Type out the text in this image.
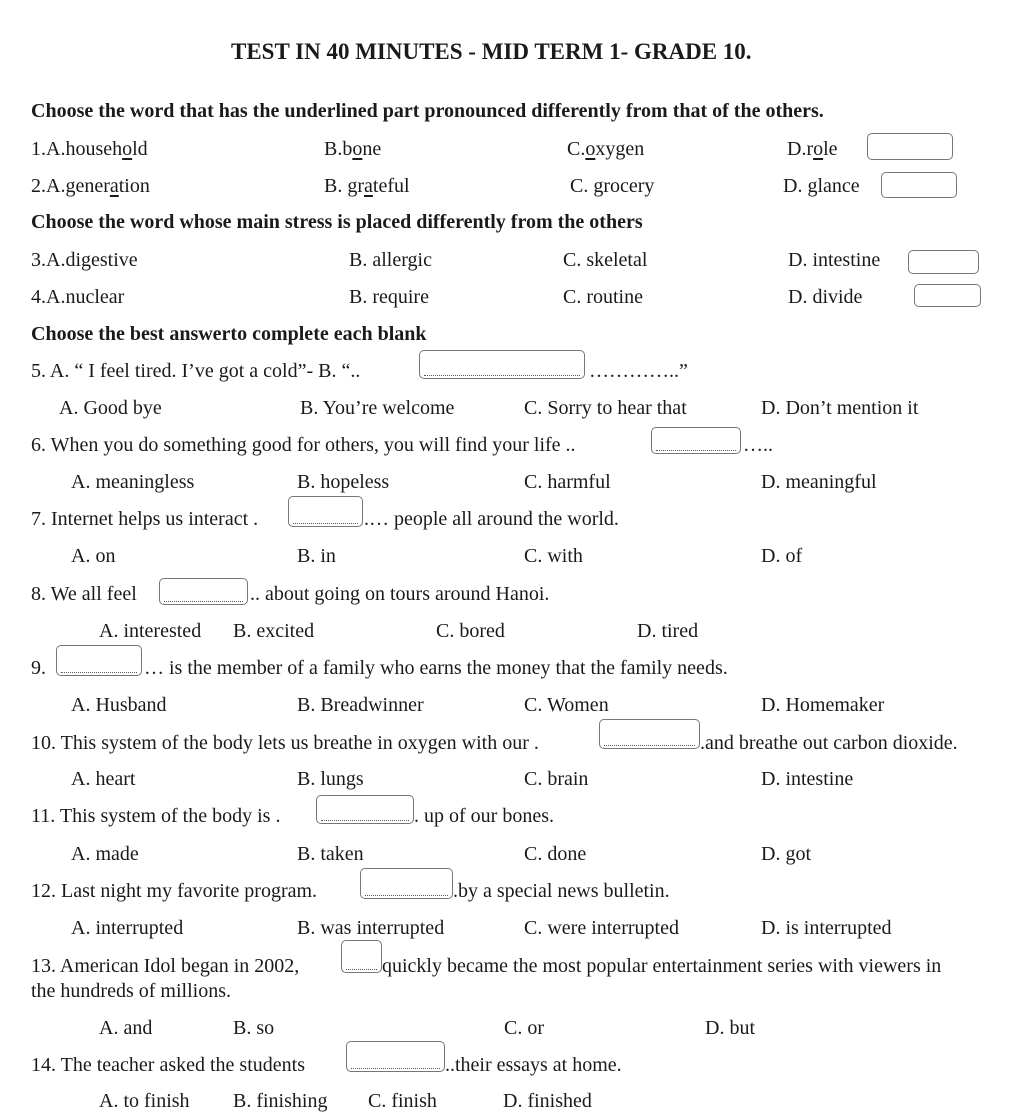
TEST IN 40 MINUTES - MID TERM 1- GRADE 10.
Choose the word that has the underlined part pronounced differently from that of the others.
1.A.household	B.bone	C.oxygen	D.role
2.A.generation	B. grateful	C. grocery	D. glance
Choose the word whose main stress is placed differently from the others
3.A.digestive	B. allergic	C. skeletal	D. intestine
4.A.nuclear	B. require	C. routine	D. divide
Choose the best answerto complete each blank
5. A. “ I feel tired. I’ve got a cold”- B. “..	…………..”
A. Good bye	B. You’re welcome	C. Sorry to hear that	D. Don’t mention it
6. When you do something good for others, you will find your life ..	…..
A. meaningless	B. hopeless	C. harmful	D. meaningful
7. Internet helps us interact .	.… people all around the world.
A. on	B. in	C. with	D. of
8. We all feel	.. about going on tours around Hanoi.
A. interested B. excited	C. bored	D. tired
9.	… is the member of a family who earns the money that the family needs.
A. Husband	B. Breadwinner	C. Women	D. Homemaker
10. This system of the body lets us breathe in oxygen with our .	.and breathe out carbon dioxide.
A. heart	B. lungs	C. brain	D. intestine
11. This system of the body is .	. up of our bones.
A. made	B. taken	C. done	D. got
12. Last night my favorite program.	.by a special news bulletin.
A. interrupted	B. was interrupted	C. were interrupted	D. is interrupted
13. American Idol began in 2002,	quickly became the most popular entertainment series with viewers in
the hundreds of millions.
A. and	B. so	C. or	D. but
14. The teacher asked the students	..their essays at home.
A. to finish B. finishing C. finish	D. finished
